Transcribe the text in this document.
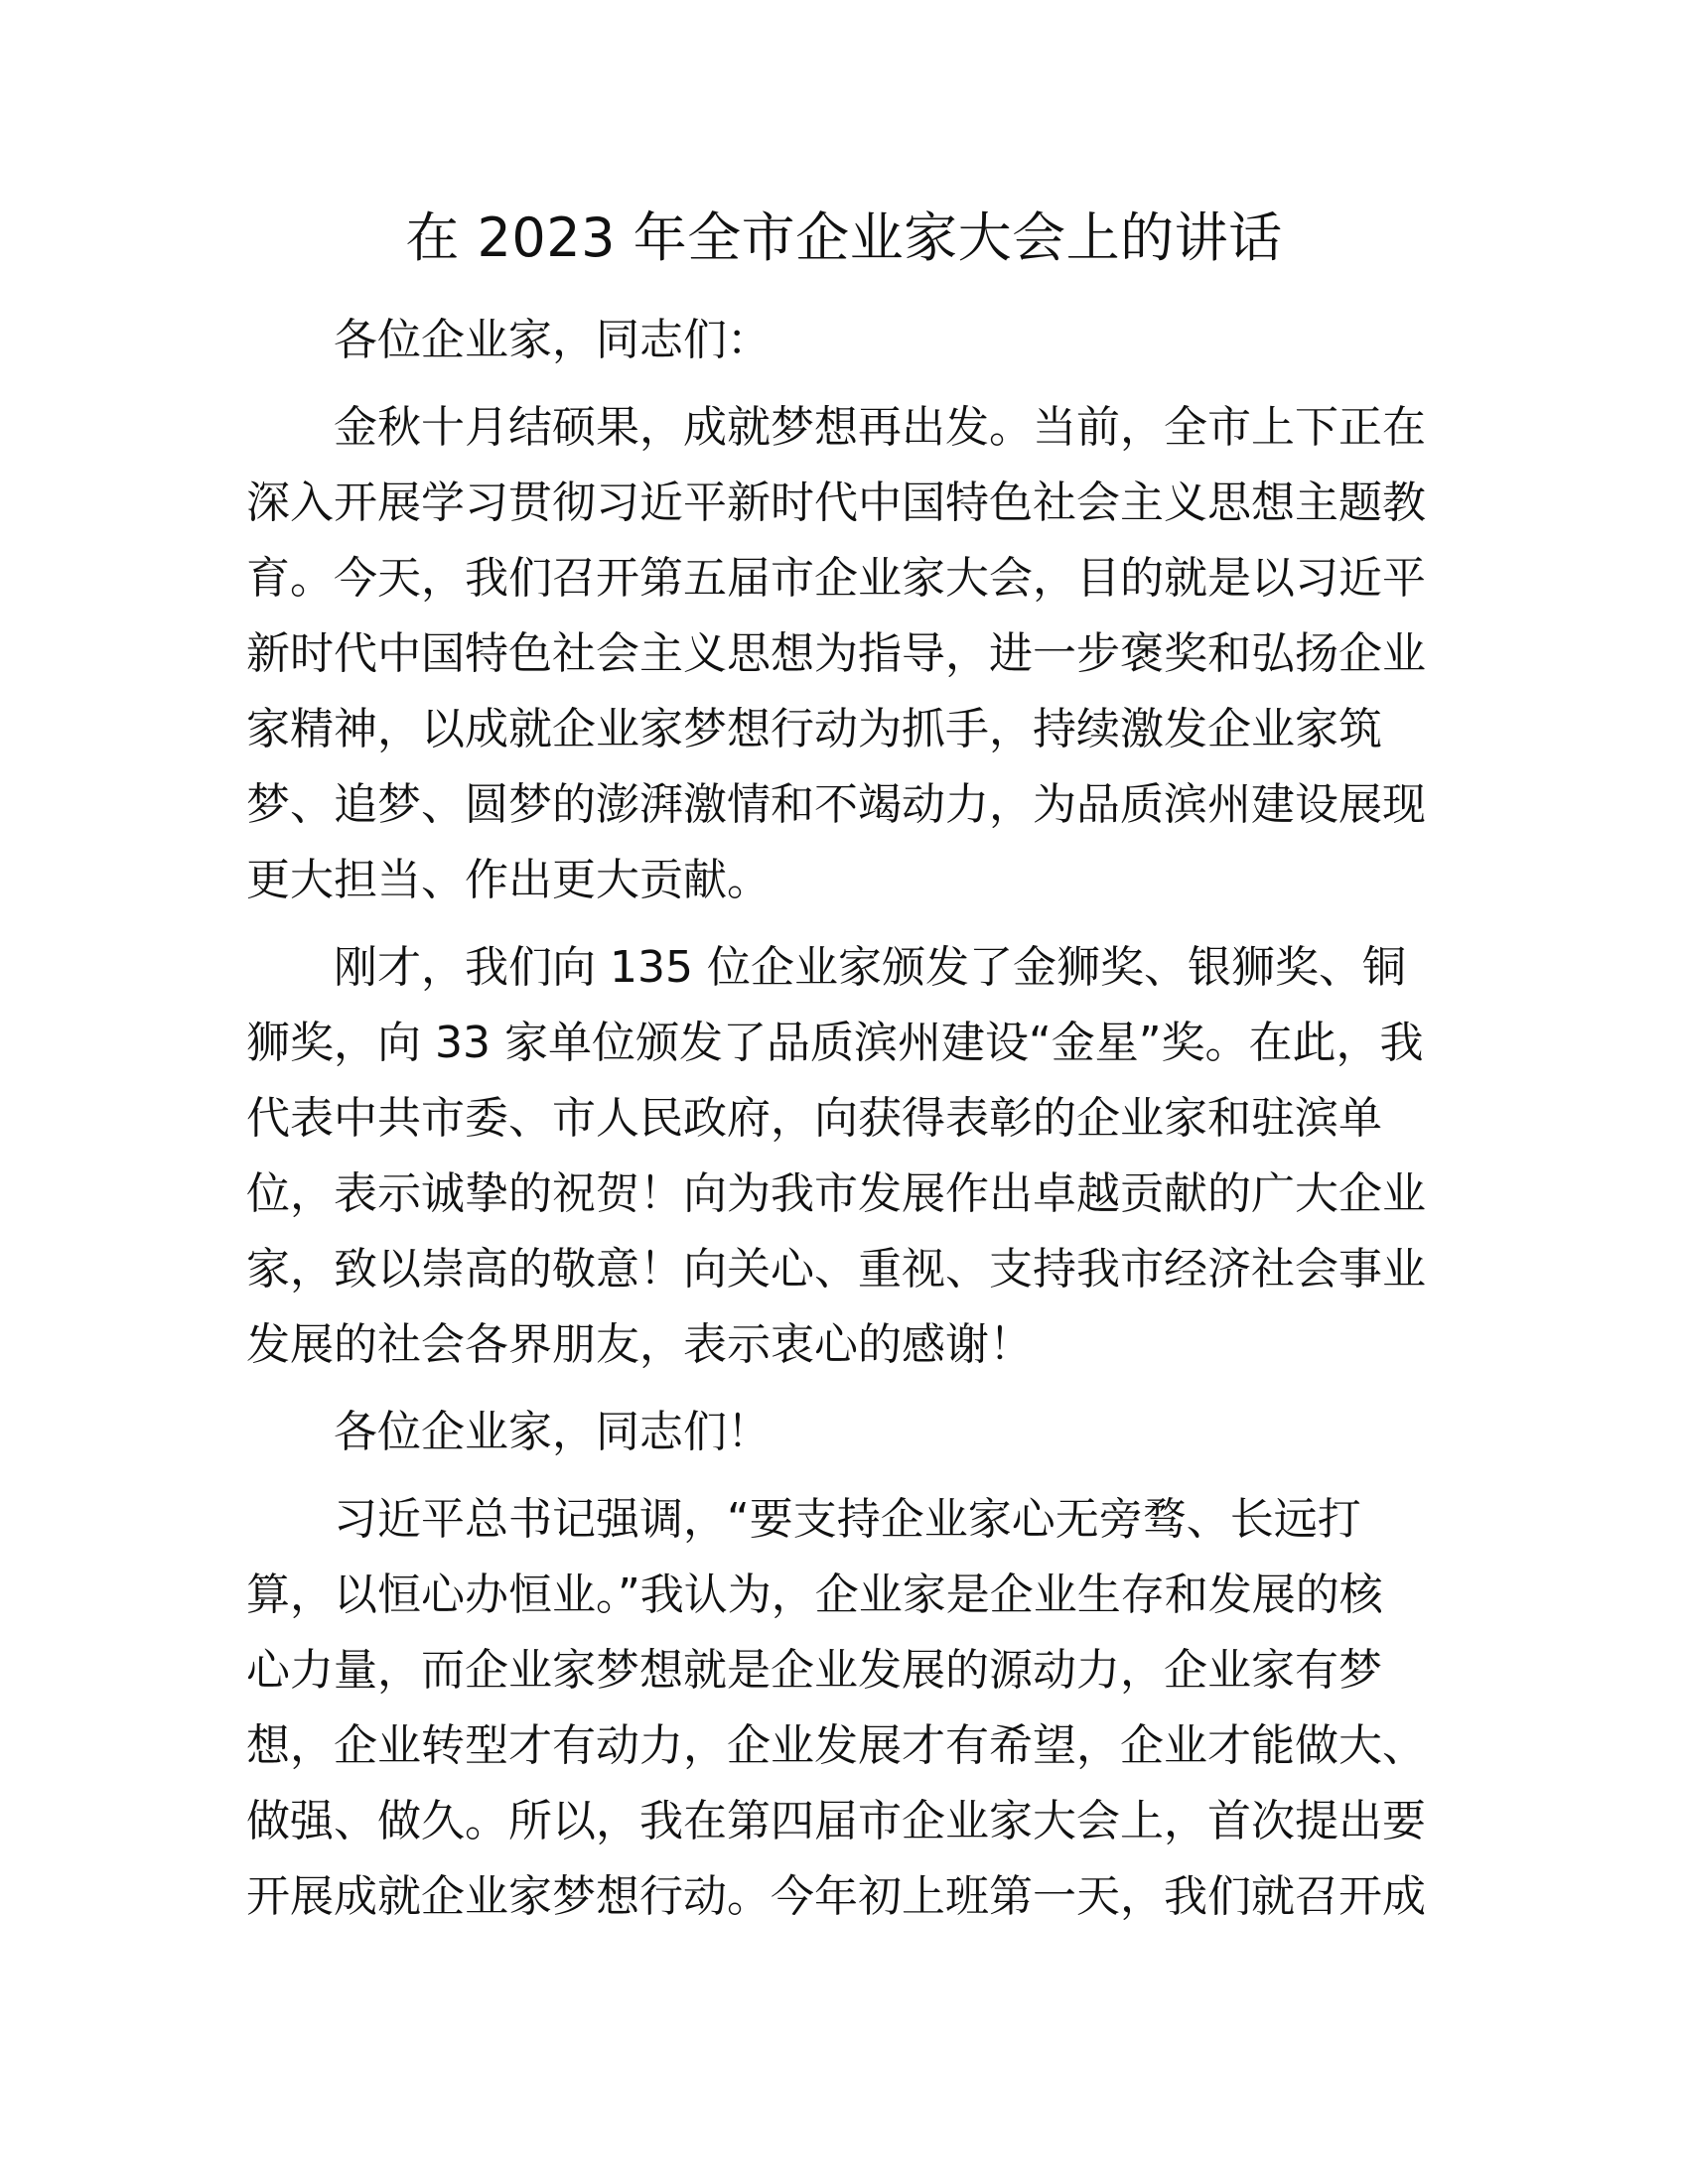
在 2023 年全市企业家大会上的讲话

各位企业家，同志们：

金秋十月结硕果，成就梦想再出发。当前，全市上下正在
深入开展学习贯彻习近平新时代中国特色社会主义思想主题教
育。今天，我们召开第五届市企业家大会，目的就是以习近平
新时代中国特色社会主义思想为指导，进一步褒奖和弘扬企业
家精神，以成就企业家梦想行动为抓手，持续激发企业家筑
梦、追梦、圆梦的澎湃激情和不竭动力，为品质滨州建设展现
更大担当、作出更大贡献。

刚才，我们向 135 位企业家颁发了金狮奖、银狮奖、铜
狮奖，向 33 家单位颁发了品质滨州建设“金星”奖。在此，我
代表中共市委、市人民政府，向获得表彰的企业家和驻滨单
位，表示诚挚的祝贺！向为我市发展作出卓越贡献的广大企业
家，致以崇高的敬意！向关心、重视、支持我市经济社会事业
发展的社会各界朋友，表示衷心的感谢！

各位企业家，同志们！

习近平总书记强调，“要支持企业家心无旁骛、长远打
算，以恒心办恒业。”我认为，企业家是企业生存和发展的核
心力量，而企业家梦想就是企业发展的源动力，企业家有梦
想，企业转型才有动力，企业发展才有希望，企业才能做大、
做强、做久。所以，我在第四届市企业家大会上，首次提出要
开展成就企业家梦想行动。今年初上班第一天，我们就召开成
